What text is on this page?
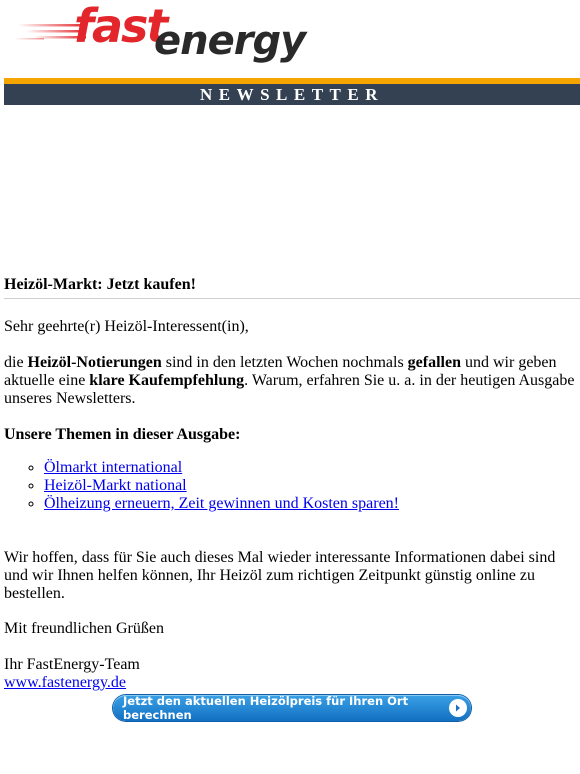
fast
energy
NEWSLETTER
Heizöl-Markt: Jetzt kaufen!

Sehr geehrte(r) Heizöl-Interessent(in),

die Heizöl-Notierungen sind in den letzten Wochen nochmals gefallen und wir geben aktuelle eine klare Kaufempfehlung. Warum, erfahren Sie u. a. in der heutigen Ausgabe unseres Newsletters.

Unsere Themen in dieser Ausgabe:

◦ Ölmarkt international
◦ Heizöl-Markt national
◦ Ölheizung erneuern, Zeit gewinnen und Kosten sparen!

Wir hoffen, dass für Sie auch dieses Mal wieder interessante Informationen dabei sind und wir Ihnen helfen können, Ihr Heizöl zum richtigen Zeitpunkt günstig online zu bestellen.

Mit freundlichen Grüßen

Ihr FastEnergy-Team

www.fastenergy.de

Jetzt den aktuellen Heizölpreis für Ihren Ort berechnen
